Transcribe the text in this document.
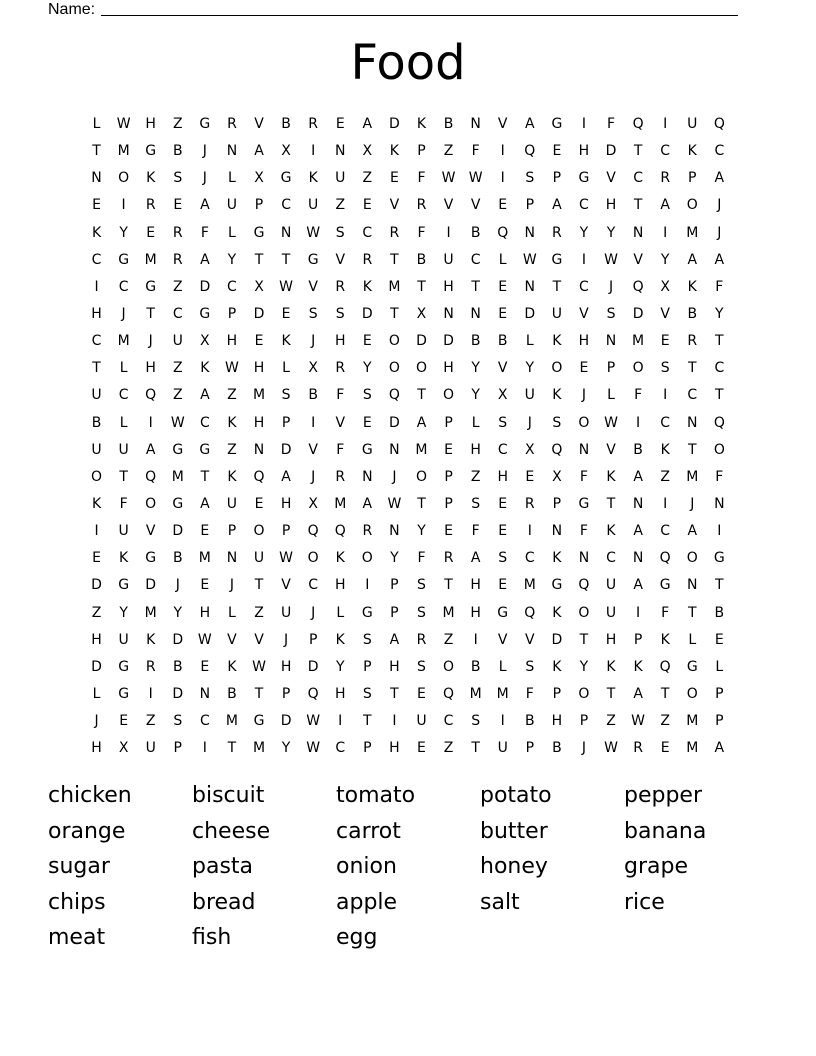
Name:
Food
L	W	H	Z	G	R	V	B	R	E	A	D	K	B	N	V	A	G	I	F	Q	I	U	Q
T	M	G	B	J	N	A	X	I	N	X	K	P	Z	F	I	Q	E	H	D	T	C	K	C
N	O	K	S	J	L	X	G	K	U	Z	E	F	W W	I	S	P	G	V	C	R	P	A
E	I	R	E	A	U	P	C	U	Z	E	V	R	V	V	E	P	A	C	H	T	A	O	J
K	Y	E	R	F	L	G	N	W	S	C	R	F	I	B	Q	N	R	Y	Y	N	I	M	J
C	G	M	R	A	Y	T	T	G	V	R	T	B	U	C	L	W	G	I	W	V	Y	A	A
I	C	G	Z	D	C	X	W	V	R	K	M	T	H	T	E	N	T	C	J	Q	X	K	F
H	J	T	C	G	P	D	E	S	S	D	T	X	N	N	E	D	U	V	S	D	V	B	Y
C	M	J	U	X	H	E	K	J	H	E	O	D	D	B	B	L	K	H	N	M	E	R	T
T	L	H	Z	K	W	H	L	X	R	Y	O	O	H	Y	V	Y	O	E	P	O	S	T	C
U	C	Q	Z	A	Z	M	S	B	F	S	Q	T	O	Y	X	U	K	J	L	F	I	C	T
B	L	I	W	C	K	H	P	I	V	E	D	A	P	L	S	J	S	O	W	I	C	N	Q
U	U	A	G	G	Z	N	D	V	F	G	N	M	E	H	C	X	Q	N	V	B	K	T	O
O	T	Q	M	T	K	Q	A	J	R	N	J	O	P	Z	H	E	X	F	K	A	Z	M	F
K	F	O	G	A	U	E	H	X	M	A	W	T	P	S	E	R	P	G	T	N	I	J	N
I	U	V	D	E	P	O	P	Q	Q	R	N	Y	E	F	E	I	N	F	K	A	C	A	I
E	K	G	B	M	N	U	W	O	K	O	Y	F	R	A	S	C	K	N	C	N	Q	O	G
D	G	D	J	E	J	T	V	C	H	I	P	S	T	H	E	M	G	Q	U	A	G	N	T
Z	Y	M	Y	H	L	Z	U	J	L	G	P	S	M	H	G	Q	K	O	U	I	F	T	B
H	U	K	D	W	V	V	J	P	K	S	A	R	Z	I	V	V	D	T	H	P	K	L	E
D	G	R	B	E	K	W	H	D	Y	P	H	S	O	B	L	S	K	Y	K	K	Q	G	L
L	G	I	D	N	B	T	P	Q	H	S	T	E	Q	M	M	F	P	O	T	A	T	O	P
J	E	Z	S	C	M	G	D	W	I	T	I	U	C	S	I	B	H	P	Z	W	Z	M	P
H	X	U	P	I	T	M	Y	W	C	P	H	E	Z	T	U	P	B	J	W	R	E	M	A
chicken	biscuit	tomato	potato	pepper
orange	cheese	carrot	butter	banana
sugar	pasta	onion	honey	grape
chips	bread	apple	salt	rice
meat	fish	egg
